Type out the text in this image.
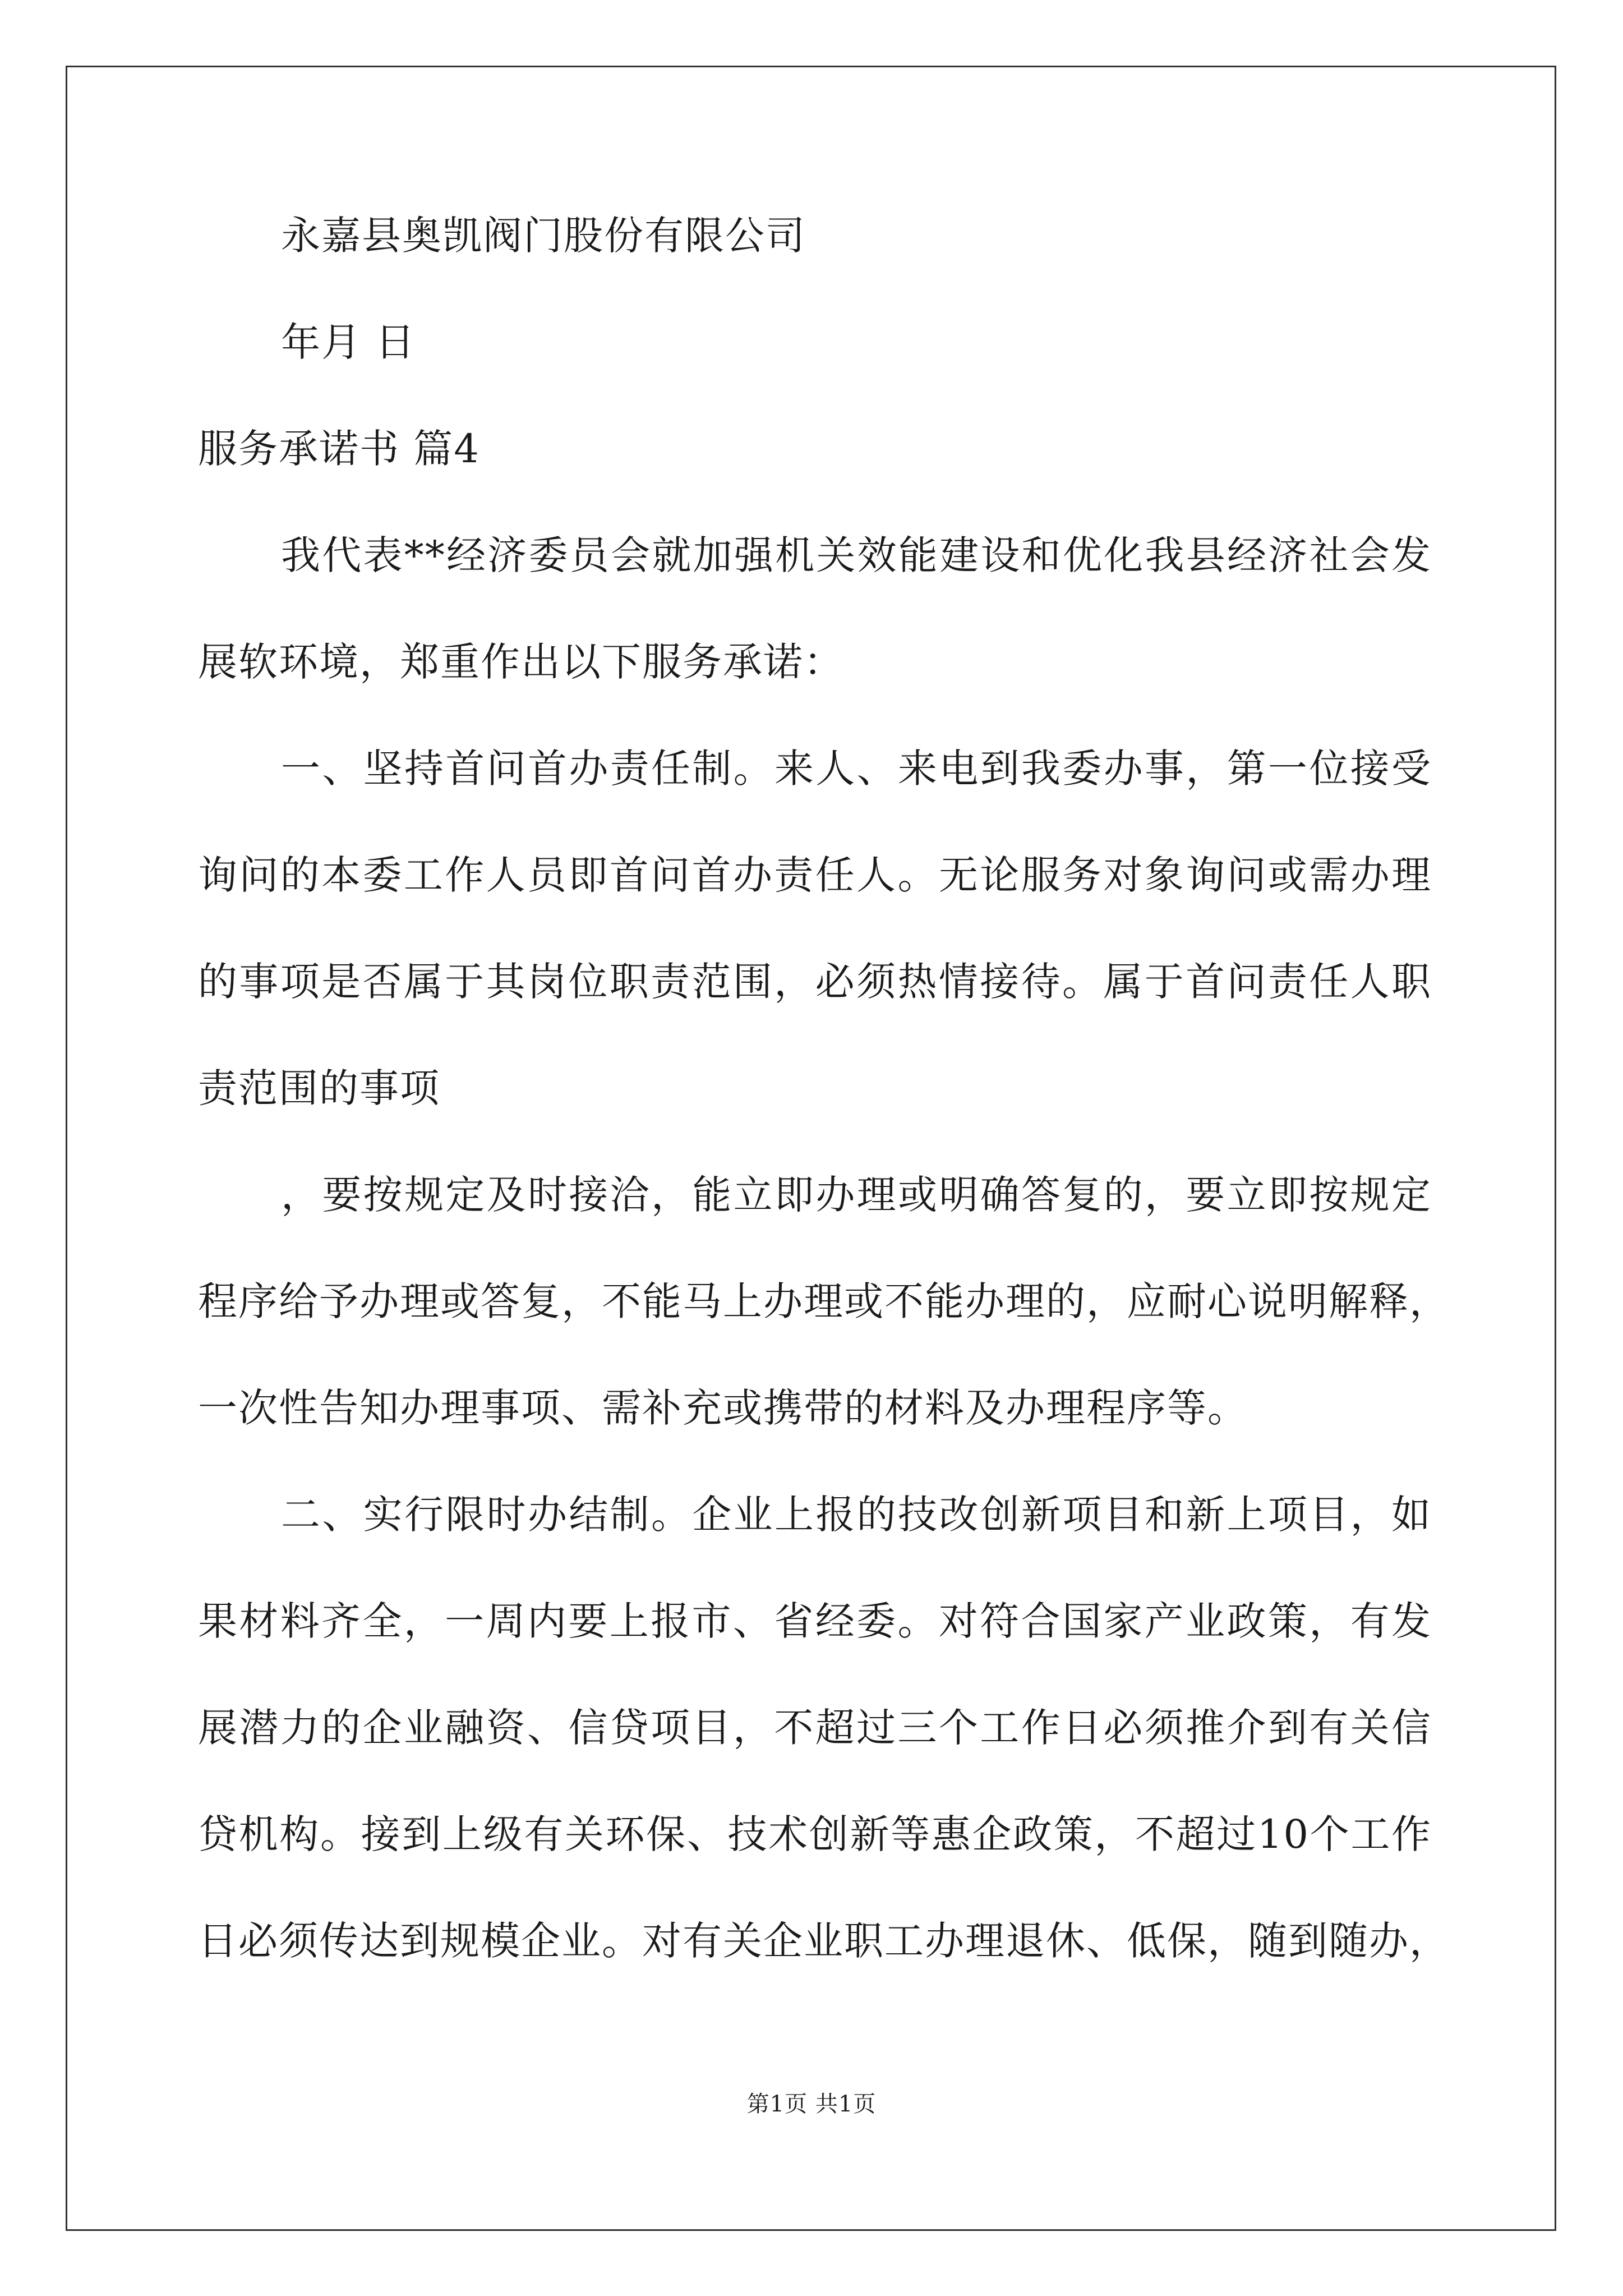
永嘉县奥凯阀门股份有限公司
年月 日
服务承诺书 篇4
我代表**经济委员会就加强机关效能建设和优化我县经济社会发
展软环境，郑重作出以下服务承诺：
一、坚持首问首办责任制。来人、来电到我委办事，第一位接受
询问的本委工作人员即首问首办责任人。无论服务对象询问或需办理
的事项是否属于其岗位职责范围，必须热情接待。属于首问责任人职
责范围的事项
，要按规定及时接洽，能立即办理或明确答复的，要立即按规定
程序给予办理或答复，不能马上办理或不能办理的，应耐心说明解释，
一次性告知办理事项、需补充或携带的材料及办理程序等。
二、实行限时办结制。企业上报的技改创新项目和新上项目，如
果材料齐全，一周内要上报市、省经委。对符合国家产业政策，有发
展潜力的企业融资、信贷项目，不超过三个工作日必须推介到有关信
贷机构。接到上级有关环保、技术创新等惠企政策，不超过10个工作
日必须传达到规模企业。对有关企业职工办理退休、低保，随到随办，
第1页 共1页
